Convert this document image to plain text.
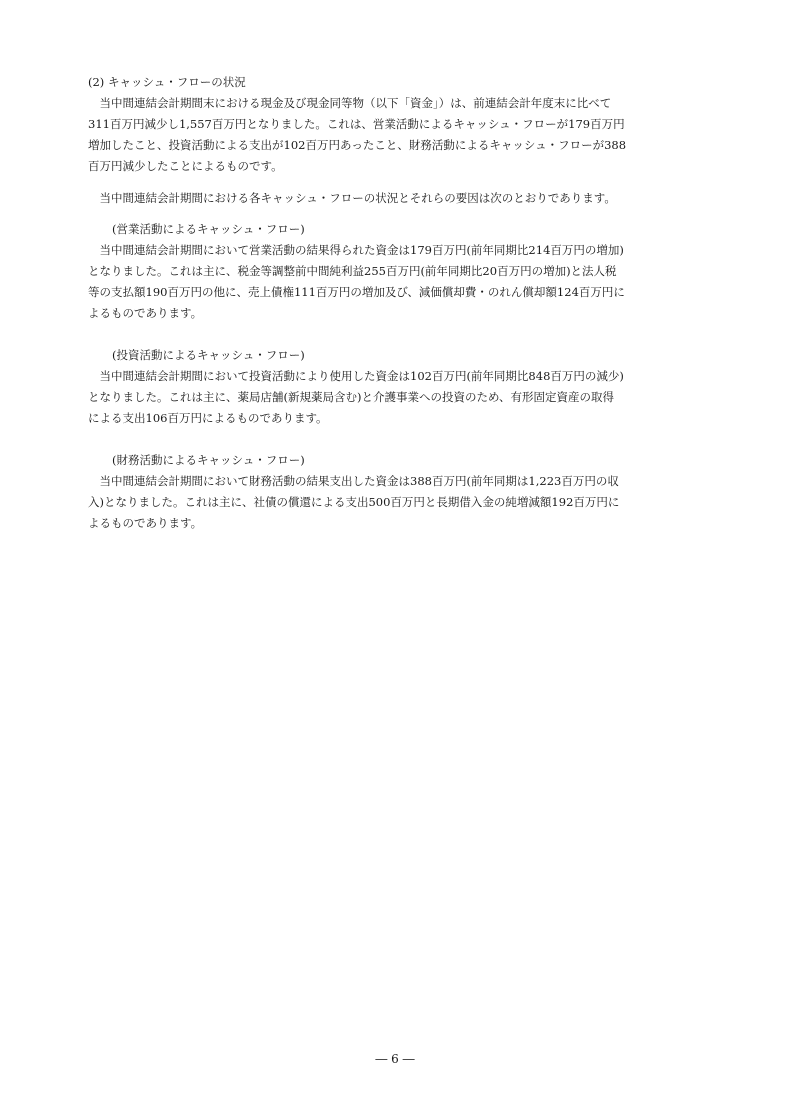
(2) キャッシュ・フローの状況

当中間連結会計期間末における現金及び現金同等物（以下「資金」）は、前連結会計年度末に比べて

311百万円減少し1,557百万円となりました。これは、営業活動によるキャッシュ・フローが179百万円

増加したこと、投資活動による支出が102百万円あったこと、財務活動によるキャッシュ・フローが388

百万円減少したことによるものです。

当中間連結会計期間における各キャッシュ・フローの状況とそれらの要因は次のとおりであります。

(営業活動によるキャッシュ・フロー)

当中間連結会計期間において営業活動の結果得られた資金は179百万円(前年同期比214百万円の増加)

となりました。これは主に、税金等調整前中間純利益255百万円(前年同期比20百万円の増加)と法人税

等の支払額190百万円の他に、売上債権111百万円の増加及び、減価償却費・のれん償却額124百万円に

よるものであります。

(投資活動によるキャッシュ・フロー)

当中間連結会計期間において投資活動により使用した資金は102百万円(前年同期比848百万円の減少)

となりました。これは主に、薬局店舗(新規薬局含む)と介護事業への投資のため、有形固定資産の取得

による支出106百万円によるものであります。

(財務活動によるキャッシュ・フロー)

当中間連結会計期間において財務活動の結果支出した資金は388百万円(前年同期は1,223百万円の収

入)となりました。これは主に、社債の償還による支出500百万円と長期借入金の純増減額192百万円に

よるものであります。

― 6 ―
